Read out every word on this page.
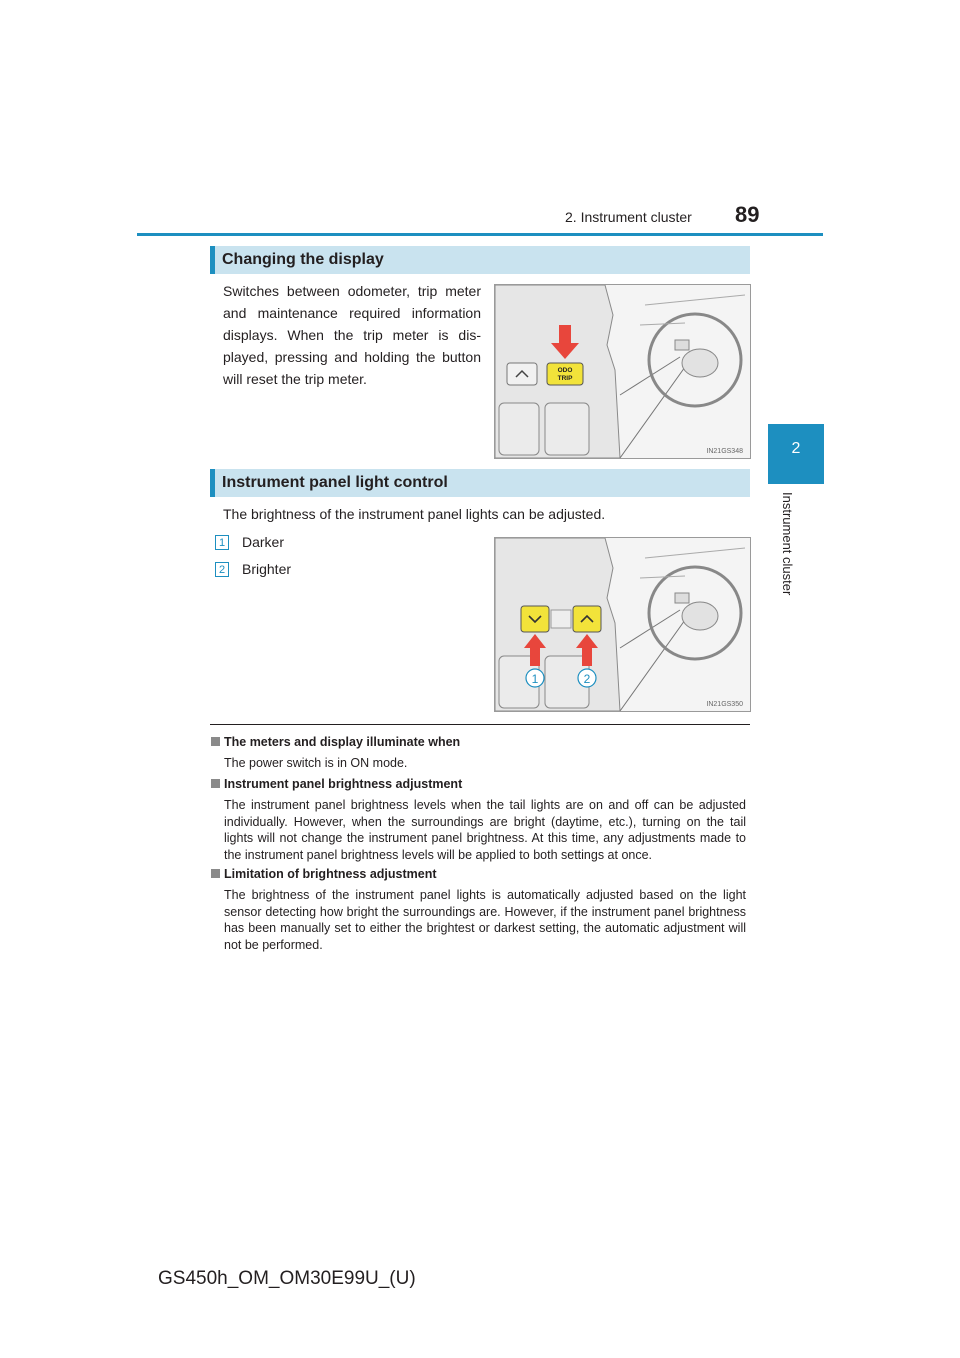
2. Instrument cluster 89
2
Instrument cluster
Changing the display
Switches between odometer, trip meter and maintenance required information displays. When the trip meter is dis-played, pressing and holding the button will reset the trip meter.
ODO
TRIP
IN21GS348
Instrument panel light control
The brightness of the instrument panel lights can be adjusted.
1 Darker
2 Brighter
1	2
IN21GS350
The meters and display illuminate when
The power switch is in ON mode.
Instrument panel brightness adjustment
The instrument panel brightness levels when the tail lights are on and off can be adjusted individually. However, when the surroundings are bright (daytime, etc.), turning on the tail lights will not change the instrument panel brightness. At this time, any adjustments made to the instrument panel brightness levels will be applied to both settings at once.
Limitation of brightness adjustment
The brightness of the instrument panel lights is automatically adjusted based on the light sensor detecting how bright the surroundings are. However, if the instrument panel brightness has been manually set to either the brightest or darkest setting, the automatic adjustment will not be performed.
GS450h_OM_OM30E99U_(U)
